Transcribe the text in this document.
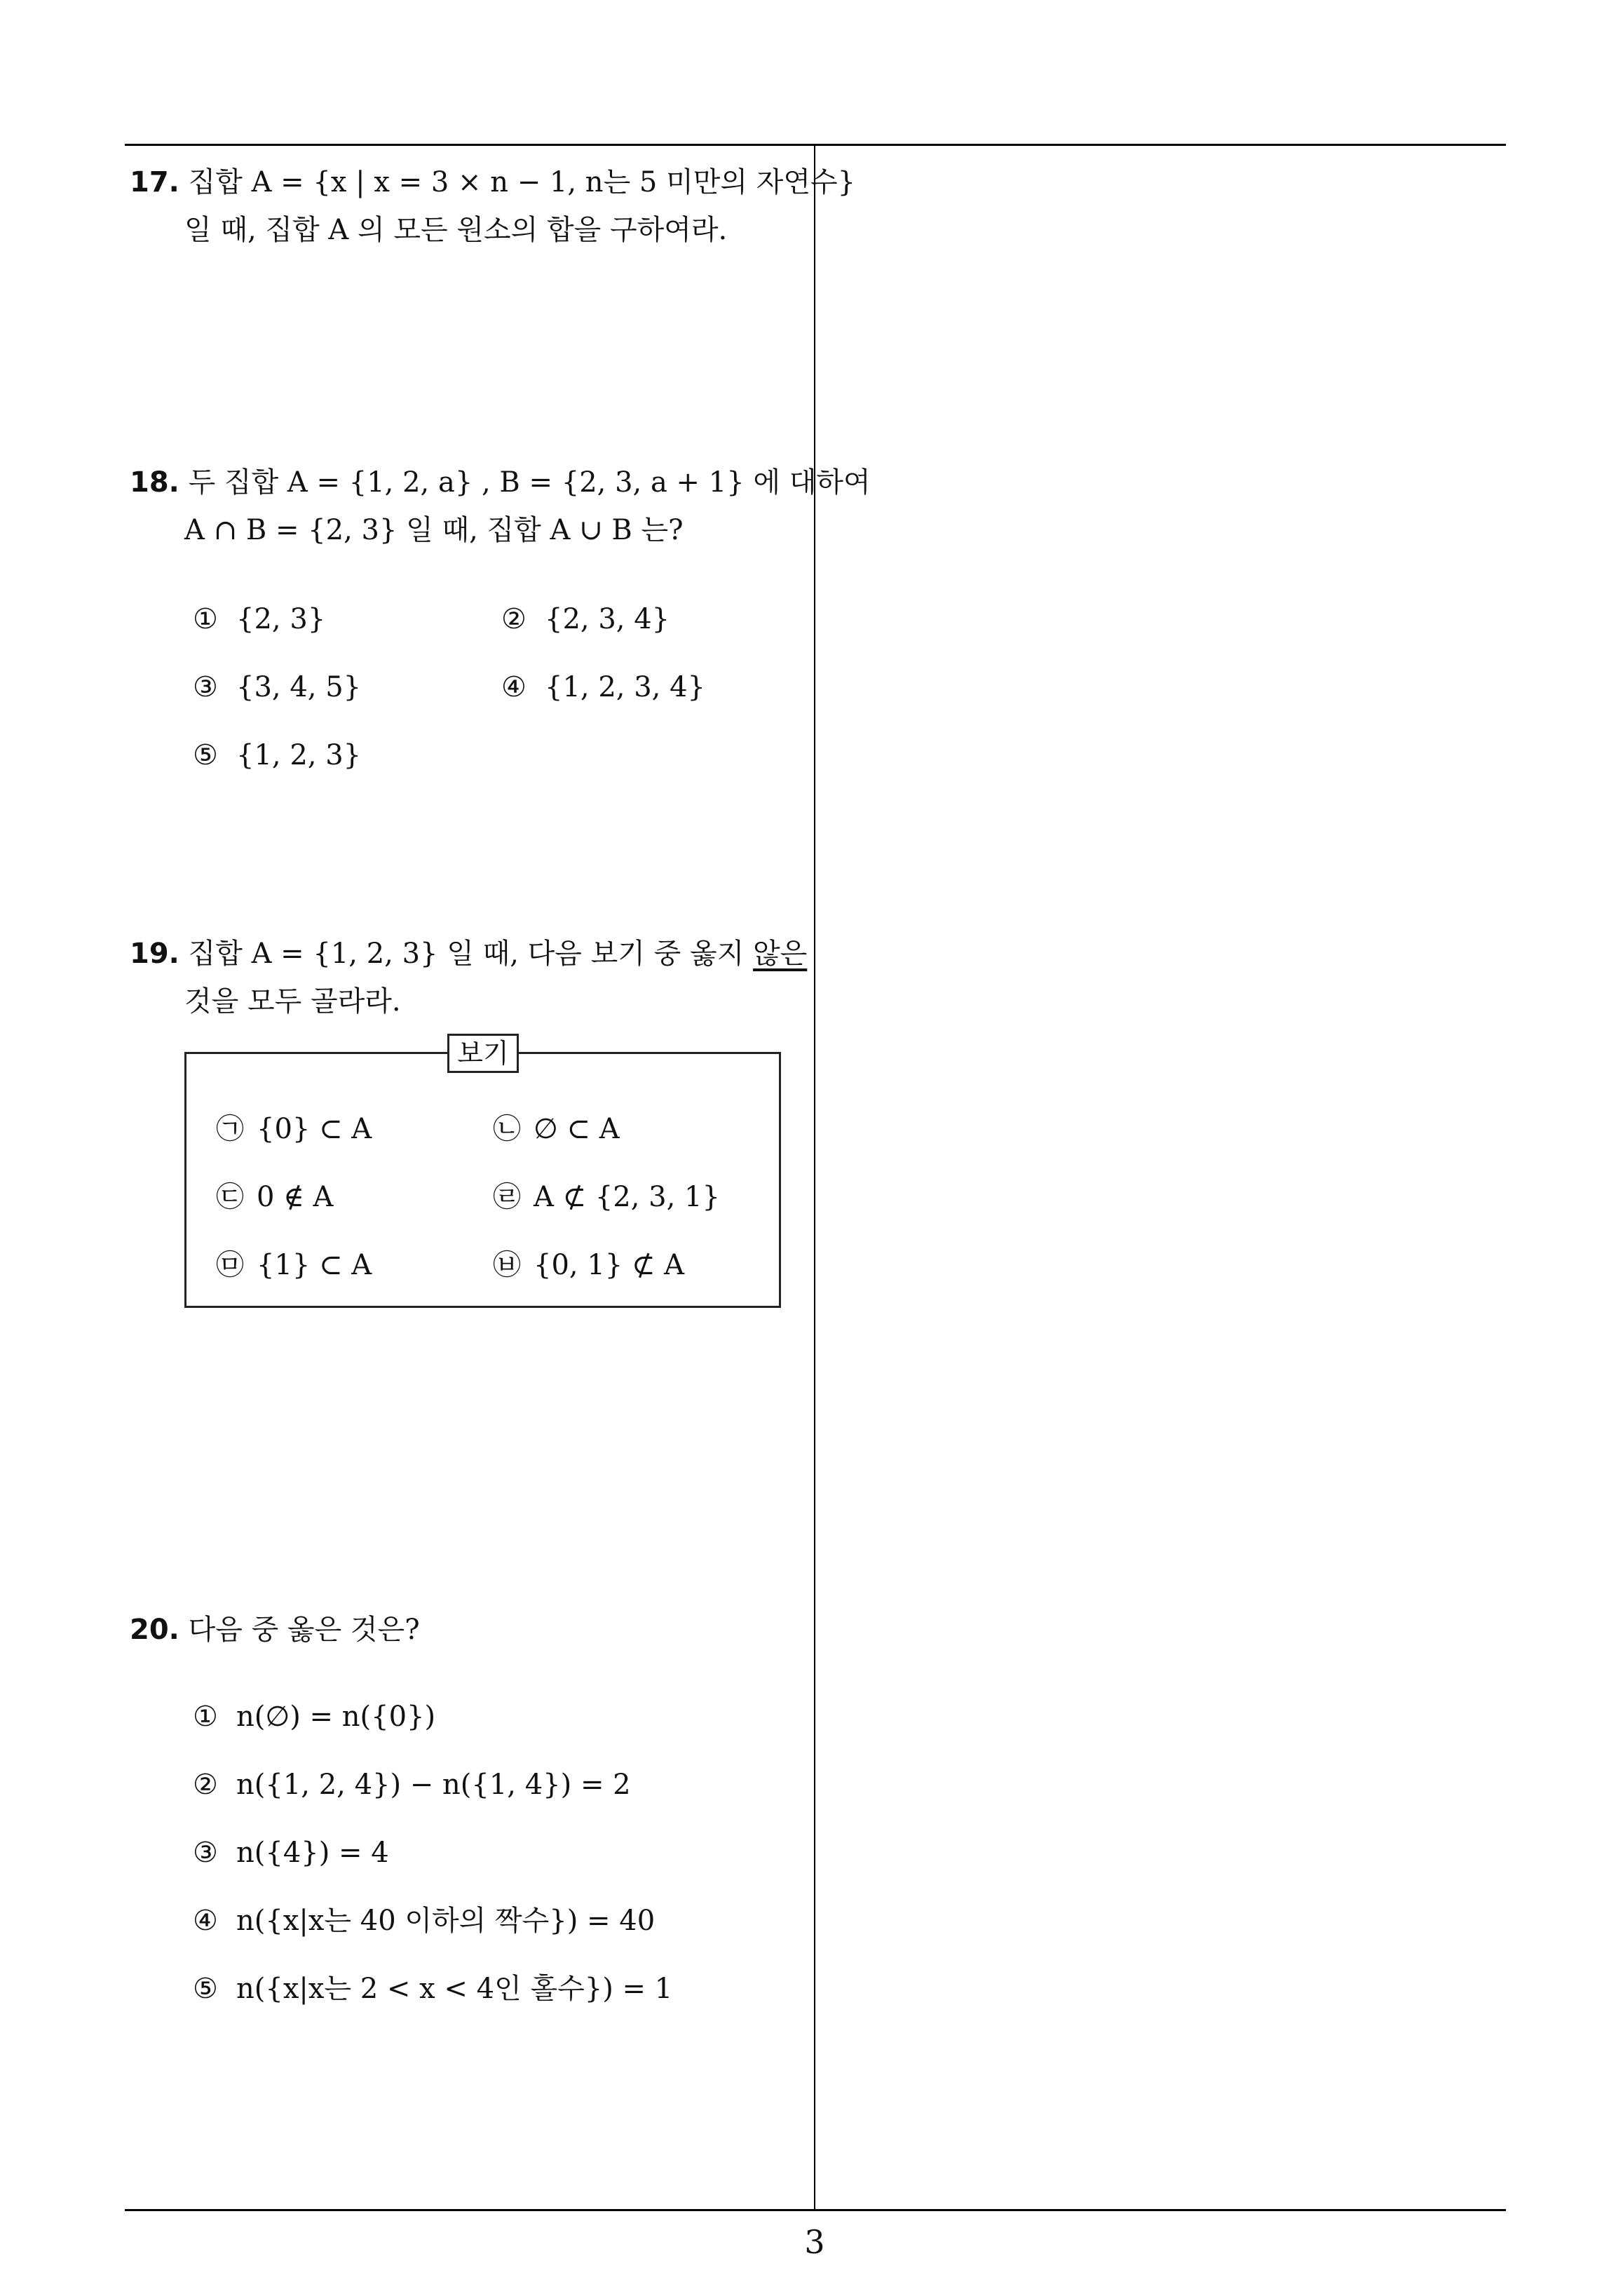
17. 집합 A = {x | x = 3 × n − 1, n는 5 미만의 자연수}
일 때, 집합 A 의 모든 원소의 합을 구하여라.
18. 두 집합 A = {1, 2, a} , B = {2, 3, a + 1} 에 대하여
A ∩ B = {2, 3} 일 때, 집합 A ∪ B 는?
① {2, 3}	② {2, 3, 4}
③ {3, 4, 5}	④ {1, 2, 3, 4}
⑤ {1, 2, 3}
19. 집합 A = {1, 2, 3} 일 때, 다음 보기 중 옳지 않은
것을 모두 골라라.
보기
㉠ {0} ⊂ A	㉡ ∅ ⊂ A
㉢ 0 ∉ A	㉣ A ⊄ {2, 3, 1}
㉤ {1} ⊂ A	㉥ {0, 1} ⊄ A
20. 다음 중 옳은 것은?
① n(∅) = n({0})
② n({1, 2, 4}) − n({1, 4}) = 2
③ n({4}) = 4
④ n({x|x는 40 이하의 짝수}) = 40
⑤ n({x|x는 2 < x < 4인 홀수}) = 1
3
